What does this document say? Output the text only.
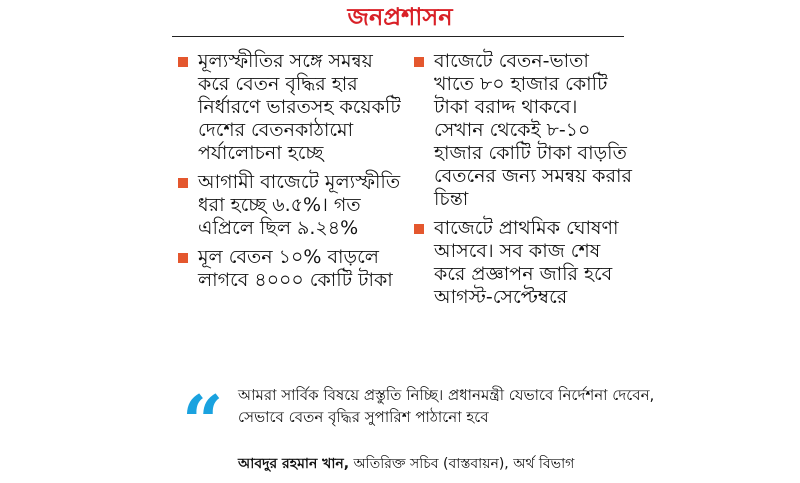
জনপ্রশাসন
মূল্যস্ফীতির সঙ্গে সমন্বয় করে বেতন বৃদ্ধির হার নির্ধারণে ভারতসহ কয়েকটি দেশের বেতনকাঠামো পর্যালোচনা হচ্ছে
আগামী বাজেটে মূল্যস্ফীতি ধরা হচ্ছে ৬.৫%। গত এপ্রিলে ছিল ৯.২৪%
মূল বেতন ১০% বাড়লে লাগবে ৪০০০ কোটি টাকা
বাজেটে বেতন-ভাতা খাতে ৮০ হাজার কোটি টাকা বরাদ্দ থাকবে। সেখান থেকেই ৮-১০ হাজার কোটি টাকা বাড়তি বেতনের জন্য সমন্বয় করার চিন্তা
বাজেটে প্রাথমিক ঘোষণা আসবে। সব কাজ শেষ করে প্রজ্ঞাপন জারি হবে আগস্ট-সেপ্টেম্বরে
“ আমরা সার্বিক বিষয়ে প্রস্তুতি নিচ্ছি। প্রধানমন্ত্রী যেভাবে নির্দেশনা দেবেন, সেভাবে বেতন বৃদ্ধির সুপারিশ পাঠানো হবে
আবদুর রহমান খান, অতিরিক্ত সচিব (বাস্তবায়ন), অর্থ বিভাগ
